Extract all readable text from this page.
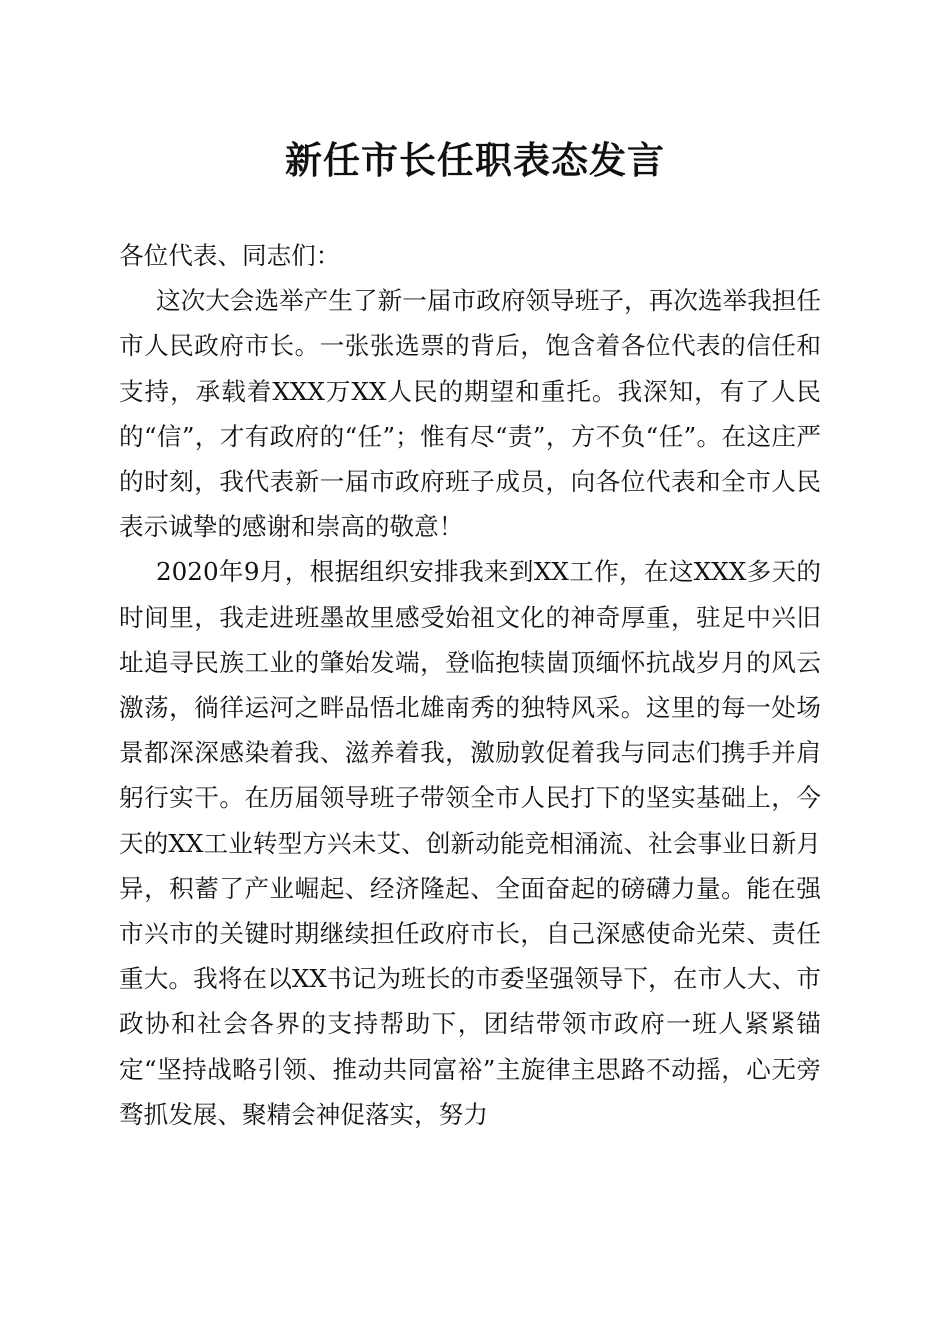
新任市长任职表态发言

各位代表、同志们：

这次大会选举产生了新一届市政府领导班子，再次选举我担任市人民政府市长。一张张选票的背后，饱含着各位代表的信任和支持，承载着XXX万XX人民的期望和重托。我深知，有了人民的“信”，才有政府的“任”；惟有尽“责”，方不负“任”。在这庄严的时刻，我代表新一届市政府班子成员，向各位代表和全市人民表示诚挚的感谢和崇高的敬意！

2020年9月，根据组织安排我来到XX工作，在这XXX多天的时间里，我走进班墨故里感受始祖文化的神奇厚重，驻足中兴旧址追寻民族工业的肇始发端，登临抱犊崮顶缅怀抗战岁月的风云激荡，徜徉运河之畔品悟北雄南秀的独特风采。这里的每一处场景都深深感染着我、滋养着我，激励敦促着我与同志们携手并肩躬行实干。在历届领导班子带领全市人民打下的坚实基础上，今天的XX工业转型方兴未艾、创新动能竞相涌流、社会事业日新月异，积蓄了产业崛起、经济隆起、全面奋起的磅礴力量。能在强市兴市的关键时期继续担任政府市长，自己深感使命光荣、责任重大。我将在以XX书记为班长的市委坚强领导下，在市人大、市政协和社会各界的支持帮助下，团结带领市政府一班人紧紧锚定“坚持战略引领、推动共同富裕”主旋律主思路不动摇，心无旁骛抓发展、聚精会神促落实，努力
